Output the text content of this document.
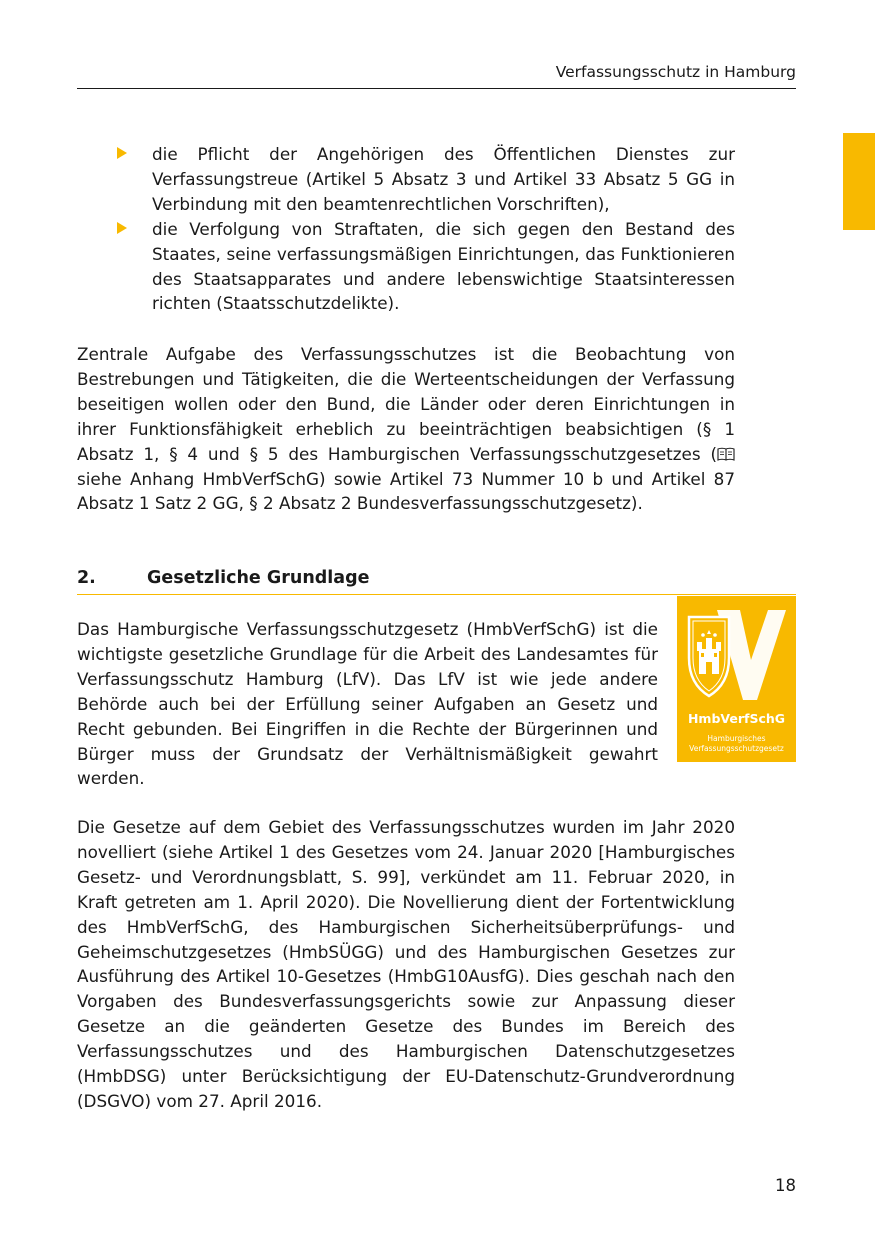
Verfassungsschutz in Hamburg

die Pflicht der Angehörigen des Öffentlichen Dienstes zur Verfassungstreue (Artikel 5 Absatz 3 und Artikel 33 Absatz 5 GG in Verbindung mit den beamtenrechtlichen Vorschriften),

die Verfolgung von Straftaten, die sich gegen den Bestand des Staates, seine verfassungsmäßigen Einrichtungen, das Funktionieren des Staatsapparates und andere lebenswichtige Staatsinteressen richten (Staatsschutzdelikte).

Zentrale Aufgabe des Verfassungsschutzes ist die Beobachtung von Bestrebungen und Tätigkeiten, die die Werteentscheidungen der Verfassung beseitigen wollen oder den Bund, die Länder oder deren Einrichtungen in ihrer Funktionsfähigkeit erheblich zu beeinträchtigen beabsichtigen (§ 1 Absatz 1, § 4 und § 5 des Hamburgischen Verfassungsschutzgesetzes ( siehe Anhang HmbVerfSchG) sowie Artikel 73 Nummer 10 b und Artikel 87 Absatz 1 Satz 2 GG, § 2 Absatz 2 Bundesverfassungsschutzgesetz).

2.	Gesetzliche Grundlage

Das Hamburgische Verfassungsschutzgesetz (HmbVerfSchG) ist die wichtigste gesetzliche Grundlage für die Arbeit des Landesamtes für Verfassungsschutz Hamburg (LfV). Das LfV ist wie jede andere Behörde auch bei der Erfüllung seiner Aufgaben an Gesetz und Recht gebunden. Bei Eingriffen in die Rechte der Bürgerinnen und Bürger muss der Grundsatz der Verhältnismäßigkeit gewahrt werden.

HmbVerfSchG
Hamburgisches
Verfassungsschutzgesetz

Die Gesetze auf dem Gebiet des Verfassungsschutzes wurden im Jahr 2020 novelliert (siehe Artikel 1 des Gesetzes vom 24. Januar 2020 [Hamburgisches Gesetz- und Verordnungsblatt, S. 99], verkündet am 11. Februar 2020, in Kraft getreten am 1. April 2020). Die Novellierung dient der Fortentwicklung des HmbVerfSchG, des Hamburgischen Sicherheitsüberprüfungs- und Geheimschutzgesetzes (HmbSÜGG) und des Hamburgischen Gesetzes zur Ausführung des Artikel 10-Gesetzes (HmbG10AusfG). Dies geschah nach den Vorgaben des Bundesverfassungsgerichts sowie zur Anpassung dieser Gesetze an die geänderten Gesetze des Bundes im Bereich des Verfassungsschutzes und des Hamburgischen Datenschutzgesetzes (HmbDSG) unter Berücksichtigung der EU-Datenschutz-Grundverordnung (DSGVO) vom 27. April 2016.

18
